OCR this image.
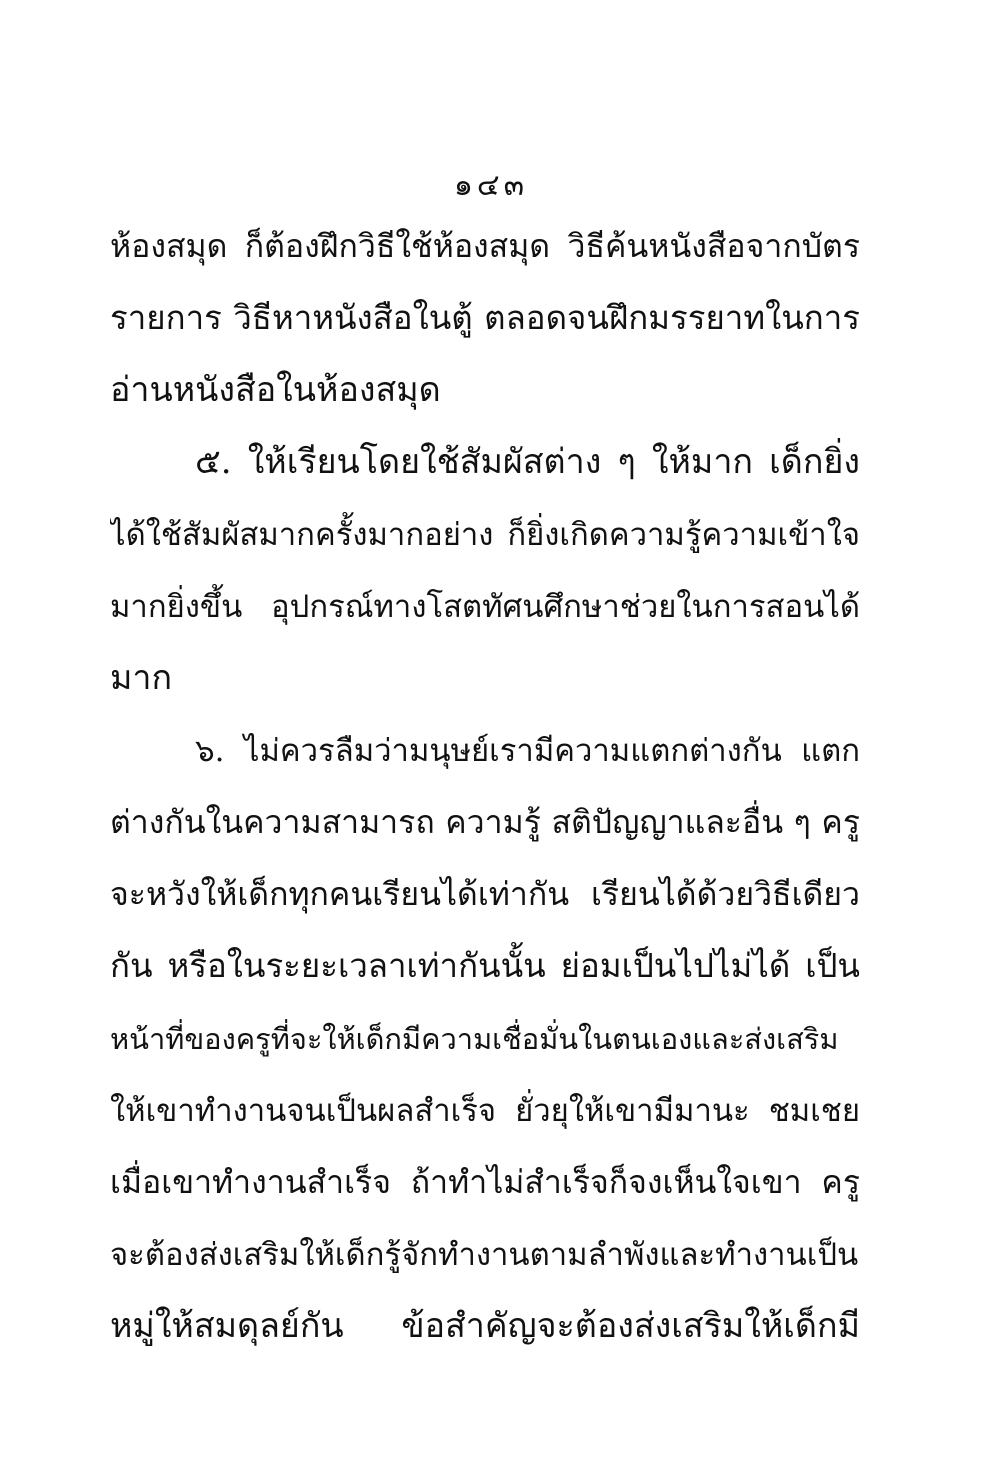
๑๔๓
ห้องสมุด ก็ต้องฝึกวิธีใช้ห้องสมุด วิธีค้นหนังสือจากบัตร
รายการ วิธีหาหนังสือในตู้ ตลอดจนฝึกมรรยาทในการ
อ่านหนังสือในห้องสมุด
๕. ให้เรียนโดยใช้สัมผัสต่าง ๆ ให้มาก เด็กยิ่ง
ได้ใช้สัมผัสมากครั้งมากอย่าง ก็ยิ่งเกิดความรู้ความเข้าใจ
มากยิ่งขึ้น อุปกรณ์ทางโสตทัศนศึกษาช่วยในการสอนได้
มาก
๖. ไม่ควรลืมว่ามนุษย์เรามีความแตกต่างกัน แตก
ต่างกันในความสามารถ ความรู้ สติปัญญาและอื่น ๆ ครู
จะหวังให้เด็กทุกคนเรียนได้เท่ากัน เรียนได้ด้วยวิธีเดียว
กัน หรือในระยะเวลาเท่ากันนั้น ย่อมเป็นไปไม่ได้ เป็น
หน้าที่ของครูที่จะให้เด็กมีความเชื่อมั่นในตนเองและส่งเสริม
ให้เขาทำงานจนเป็นผลสำเร็จ ยั่วยุให้เขามีมานะ ชมเชย
เมื่อเขาทำงานสำเร็จ ถ้าทำไม่สำเร็จก็จงเห็นใจเขา ครู
จะต้องส่งเสริมให้เด็กรู้จักทำงานตามลำพังและทำงานเป็น
หมู่ให้สมดุลย์กัน ข้อสำคัญจะต้องส่งเสริมให้เด็กมี
